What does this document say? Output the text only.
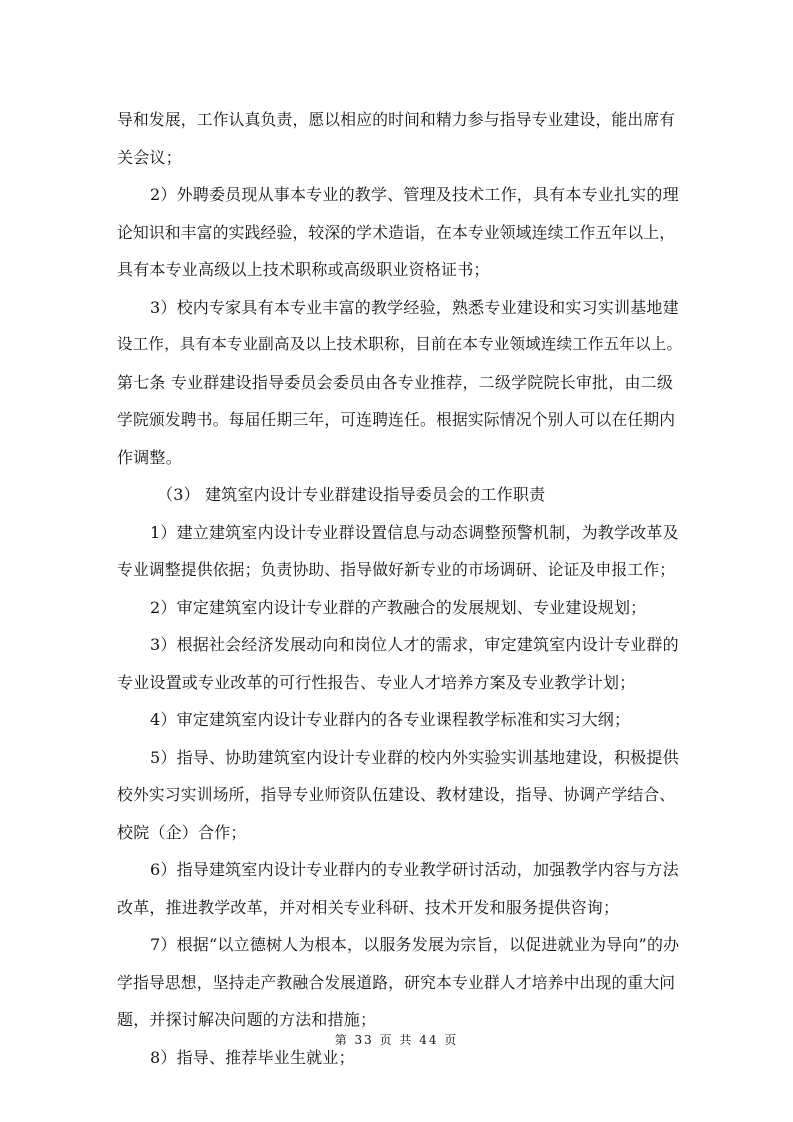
导和发展，工作认真负责，愿以相应的时间和精力参与指导专业建设，能出席有
关会议；
2）外聘委员现从事本专业的教学、管理及技术工作，具有本专业扎实的理
论知识和丰富的实践经验，较深的学术造诣，在本专业领域连续工作五年以上，
具有本专业高级以上技术职称或高级职业资格证书；
3）校内专家具有本专业丰富的教学经验，熟悉专业建设和实习实训基地建
设工作，具有本专业副高及以上技术职称，目前在本专业领域连续工作五年以上。
第七条 专业群建设指导委员会委员由各专业推荐，二级学院院长审批，由二级
学院颁发聘书。每届任期三年，可连聘连任。根据实际情况个别人可以在任期内
作调整。
（3） 建筑室内设计专业群建设指导委员会的工作职责
1）建立建筑室内设计专业群设置信息与动态调整预警机制，为教学改革及
专业调整提供依据；负责协助、指导做好新专业的市场调研、论证及申报工作；
2）审定建筑室内设计专业群的产教融合的发展规划、专业建设规划；
3）根据社会经济发展动向和岗位人才的需求，审定建筑室内设计专业群的
专业设置或专业改革的可行性报告、专业人才培养方案及专业教学计划；
4）审定建筑室内设计专业群内的各专业课程教学标准和实习大纲；
5）指导、协助建筑室内设计专业群的校内外实验实训基地建设，积极提供
校外实习实训场所，指导专业师资队伍建设、教材建设，指导、协调产学结合、
校院（企）合作；
6）指导建筑室内设计专业群内的专业教学研讨活动，加强教学内容与方法
改革，推进教学改革，并对相关专业科研、技术开发和服务提供咨询；
7）根据“以立德树人为根本，以服务发展为宗旨，以促进就业为导向”的办
学指导思想，坚持走产教融合发展道路，研究本专业群人才培养中出现的重大问
题，并探讨解决问题的方法和措施；
8）指导、推荐毕业生就业；
第 33 页 共 44 页
